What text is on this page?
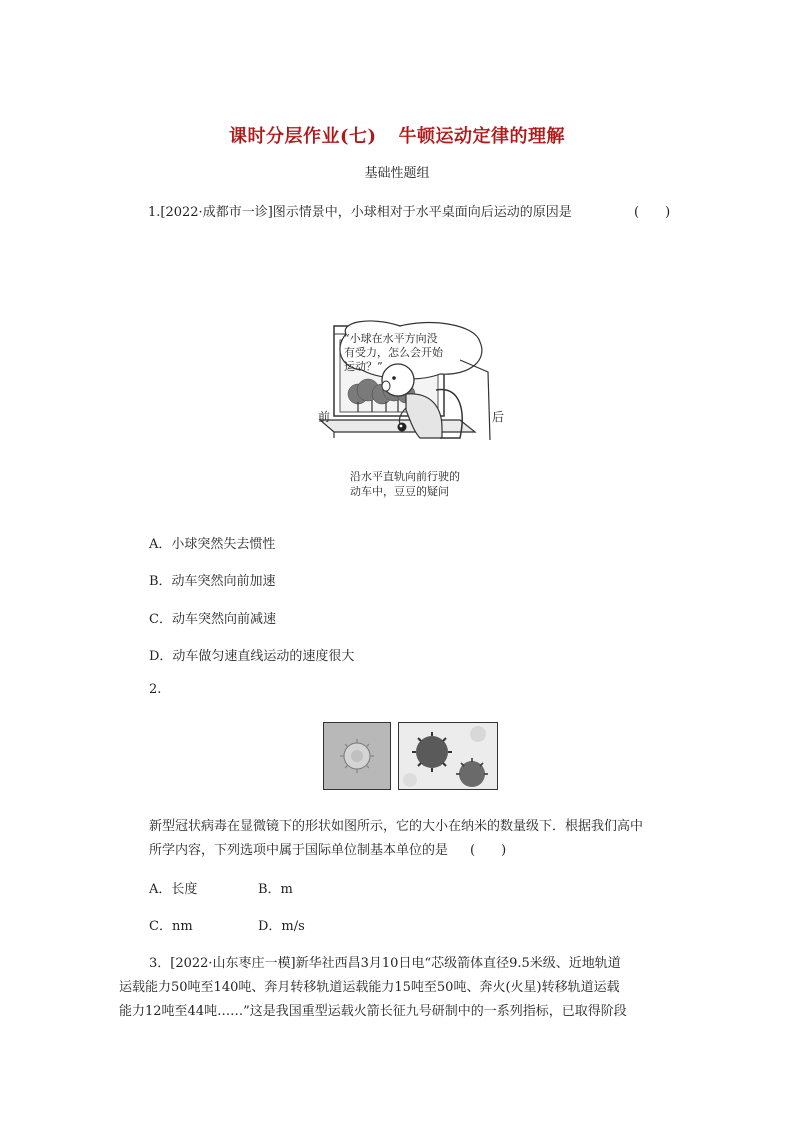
课时分层作业(七) 牛顿运动定律的理解
基础性题组
1.[2022·成都市一诊]图示情景中，小球相对于水平桌面向后运动的原因是	(　　)
“小球在水平方向没
有受力，怎么会开始
运动？”
沿水平直轨向前行驶的
动车中，豆豆的疑问
前	后
A．小球突然失去惯性
B．动车突然向前加速
C．动车突然向前减速
D．动车做匀速直线运动的速度很大
2.
新型冠状病毒在显微镜下的形状如图所示，它的大小在纳米的数量级下．根据我们高中
所学内容，下列选项中属于国际单位制基本单位的是 (　　)
A．长度	B．m
C．nm	D．m/s
3．[2022·山东枣庄一模]新华社西昌3月10日电“芯级箭体直径9.5米级、近地轨道
运载能力50吨至140吨、奔月转移轨道运载能力15吨至50吨、奔火(火星)转移轨道运载
能力12吨至44吨……”这是我国重型运载火箭长征九号研制中的一系列指标，已取得阶段
